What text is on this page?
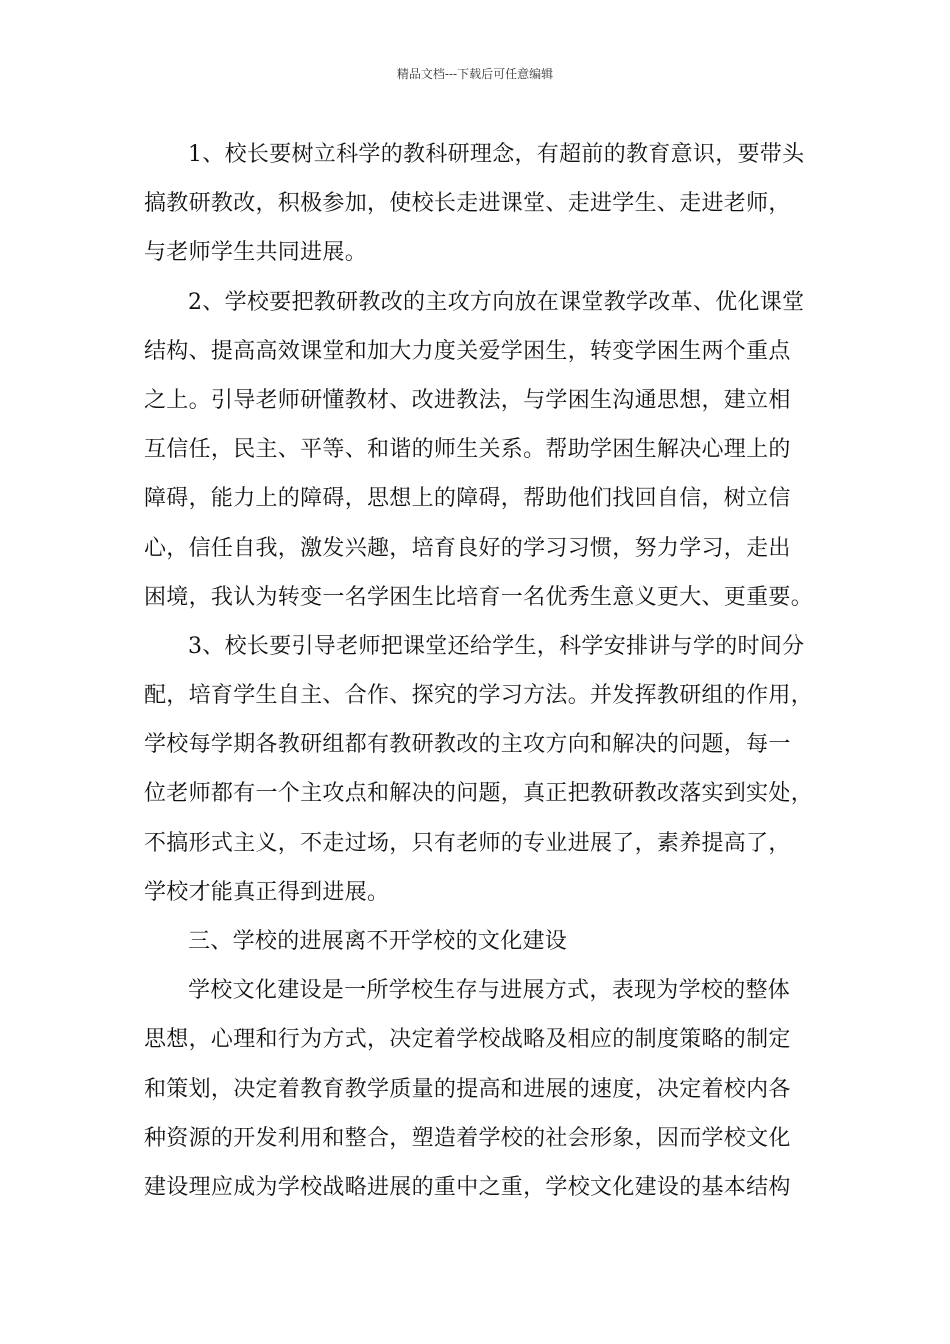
精品文档---下载后可任意编辑
1、校长要树立科学的教科研理念，有超前的教育意识，要带头
搞教研教改，积极参加，使校长走进课堂、走进学生、走进老师，
与老师学生共同进展。
2、学校要把教研教改的主攻方向放在课堂教学改革、优化课堂
结构、提高高效课堂和加大力度关爱学困生，转变学困生两个重点
之上。引导老师研懂教材、改进教法，与学困生沟通思想，建立相
互信任，民主、平等、和谐的师生关系。帮助学困生解决心理上的
障碍，能力上的障碍，思想上的障碍，帮助他们找回自信，树立信
心，信任自我，激发兴趣，培育良好的学习习惯，努力学习，走出
困境，我认为转变一名学困生比培育一名优秀生意义更大、更重要。
3、校长要引导老师把课堂还给学生，科学安排讲与学的时间分
配，培育学生自主、合作、探究的学习方法。并发挥教研组的作用，
学校每学期各教研组都有教研教改的主攻方向和解决的问题，每一
位老师都有一个主攻点和解决的问题，真正把教研教改落实到实处，
不搞形式主义，不走过场，只有老师的专业进展了，素养提高了，
学校才能真正得到进展。
三、学校的进展离不开学校的文化建设
学校文化建设是一所学校生存与进展方式，表现为学校的整体
思想，心理和行为方式，决定着学校战略及相应的制度策略的制定
和策划，决定着教育教学质量的提高和进展的速度，决定着校内各
种资源的开发利用和整合，塑造着学校的社会形象，因而学校文化
建设理应成为学校战略进展的重中之重，学校文化建设的基本结构
